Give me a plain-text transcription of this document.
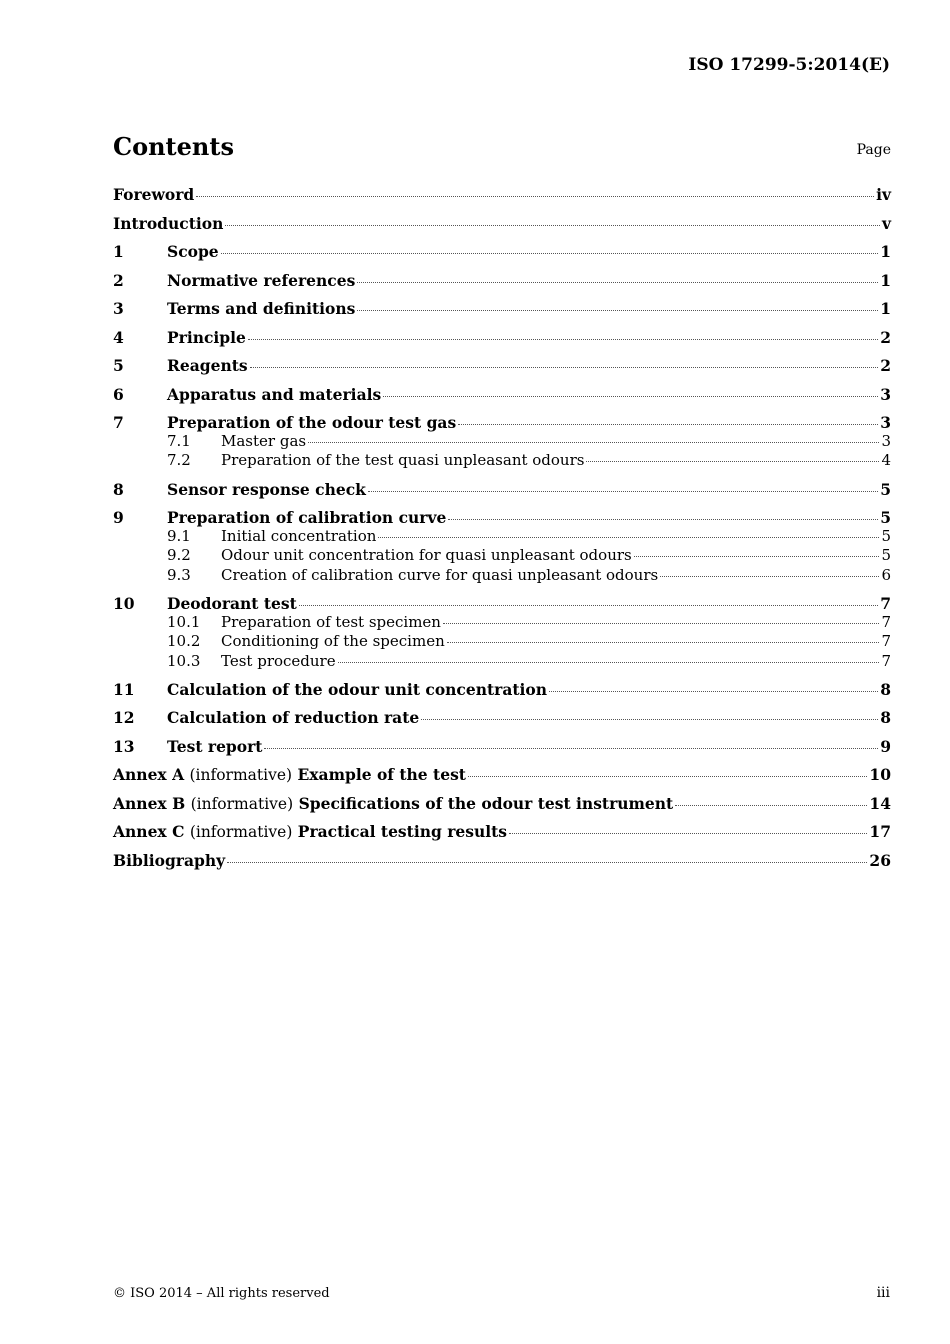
ISO 17299-5:2014(E)
Contents	Page
Foreword	iv
Introduction	v
1	Scope	1
2	Normative references	1
3	Terms and definitions	1
4	Principle	2
5	Reagents	2
6	Apparatus and materials	3
7	Preparation of the odour test gas	3
7.1	Master gas	3
7.2	Preparation of the test quasi unpleasant odours	4
8	Sensor response check	5
9	Preparation of calibration curve	5
9.1	Initial concentration	5
9.2	Odour unit concentration for quasi unpleasant odours	5
9.3	Creation of calibration curve for quasi unpleasant odours	6
10	Deodorant test	7
10.1	Preparation of test specimen	7
10.2	Conditioning of the specimen	7
10.3	Test procedure	7
11	Calculation of the odour unit concentration	8
12	Calculation of reduction rate	8
13	Test report	9
Annex A (informative) Example of the test	10
Annex B (informative) Specifications of the odour test instrument	14
Annex C (informative) Practical testing results	17
Bibliography	26
© ISO 2014 – All rights reserved	iii
